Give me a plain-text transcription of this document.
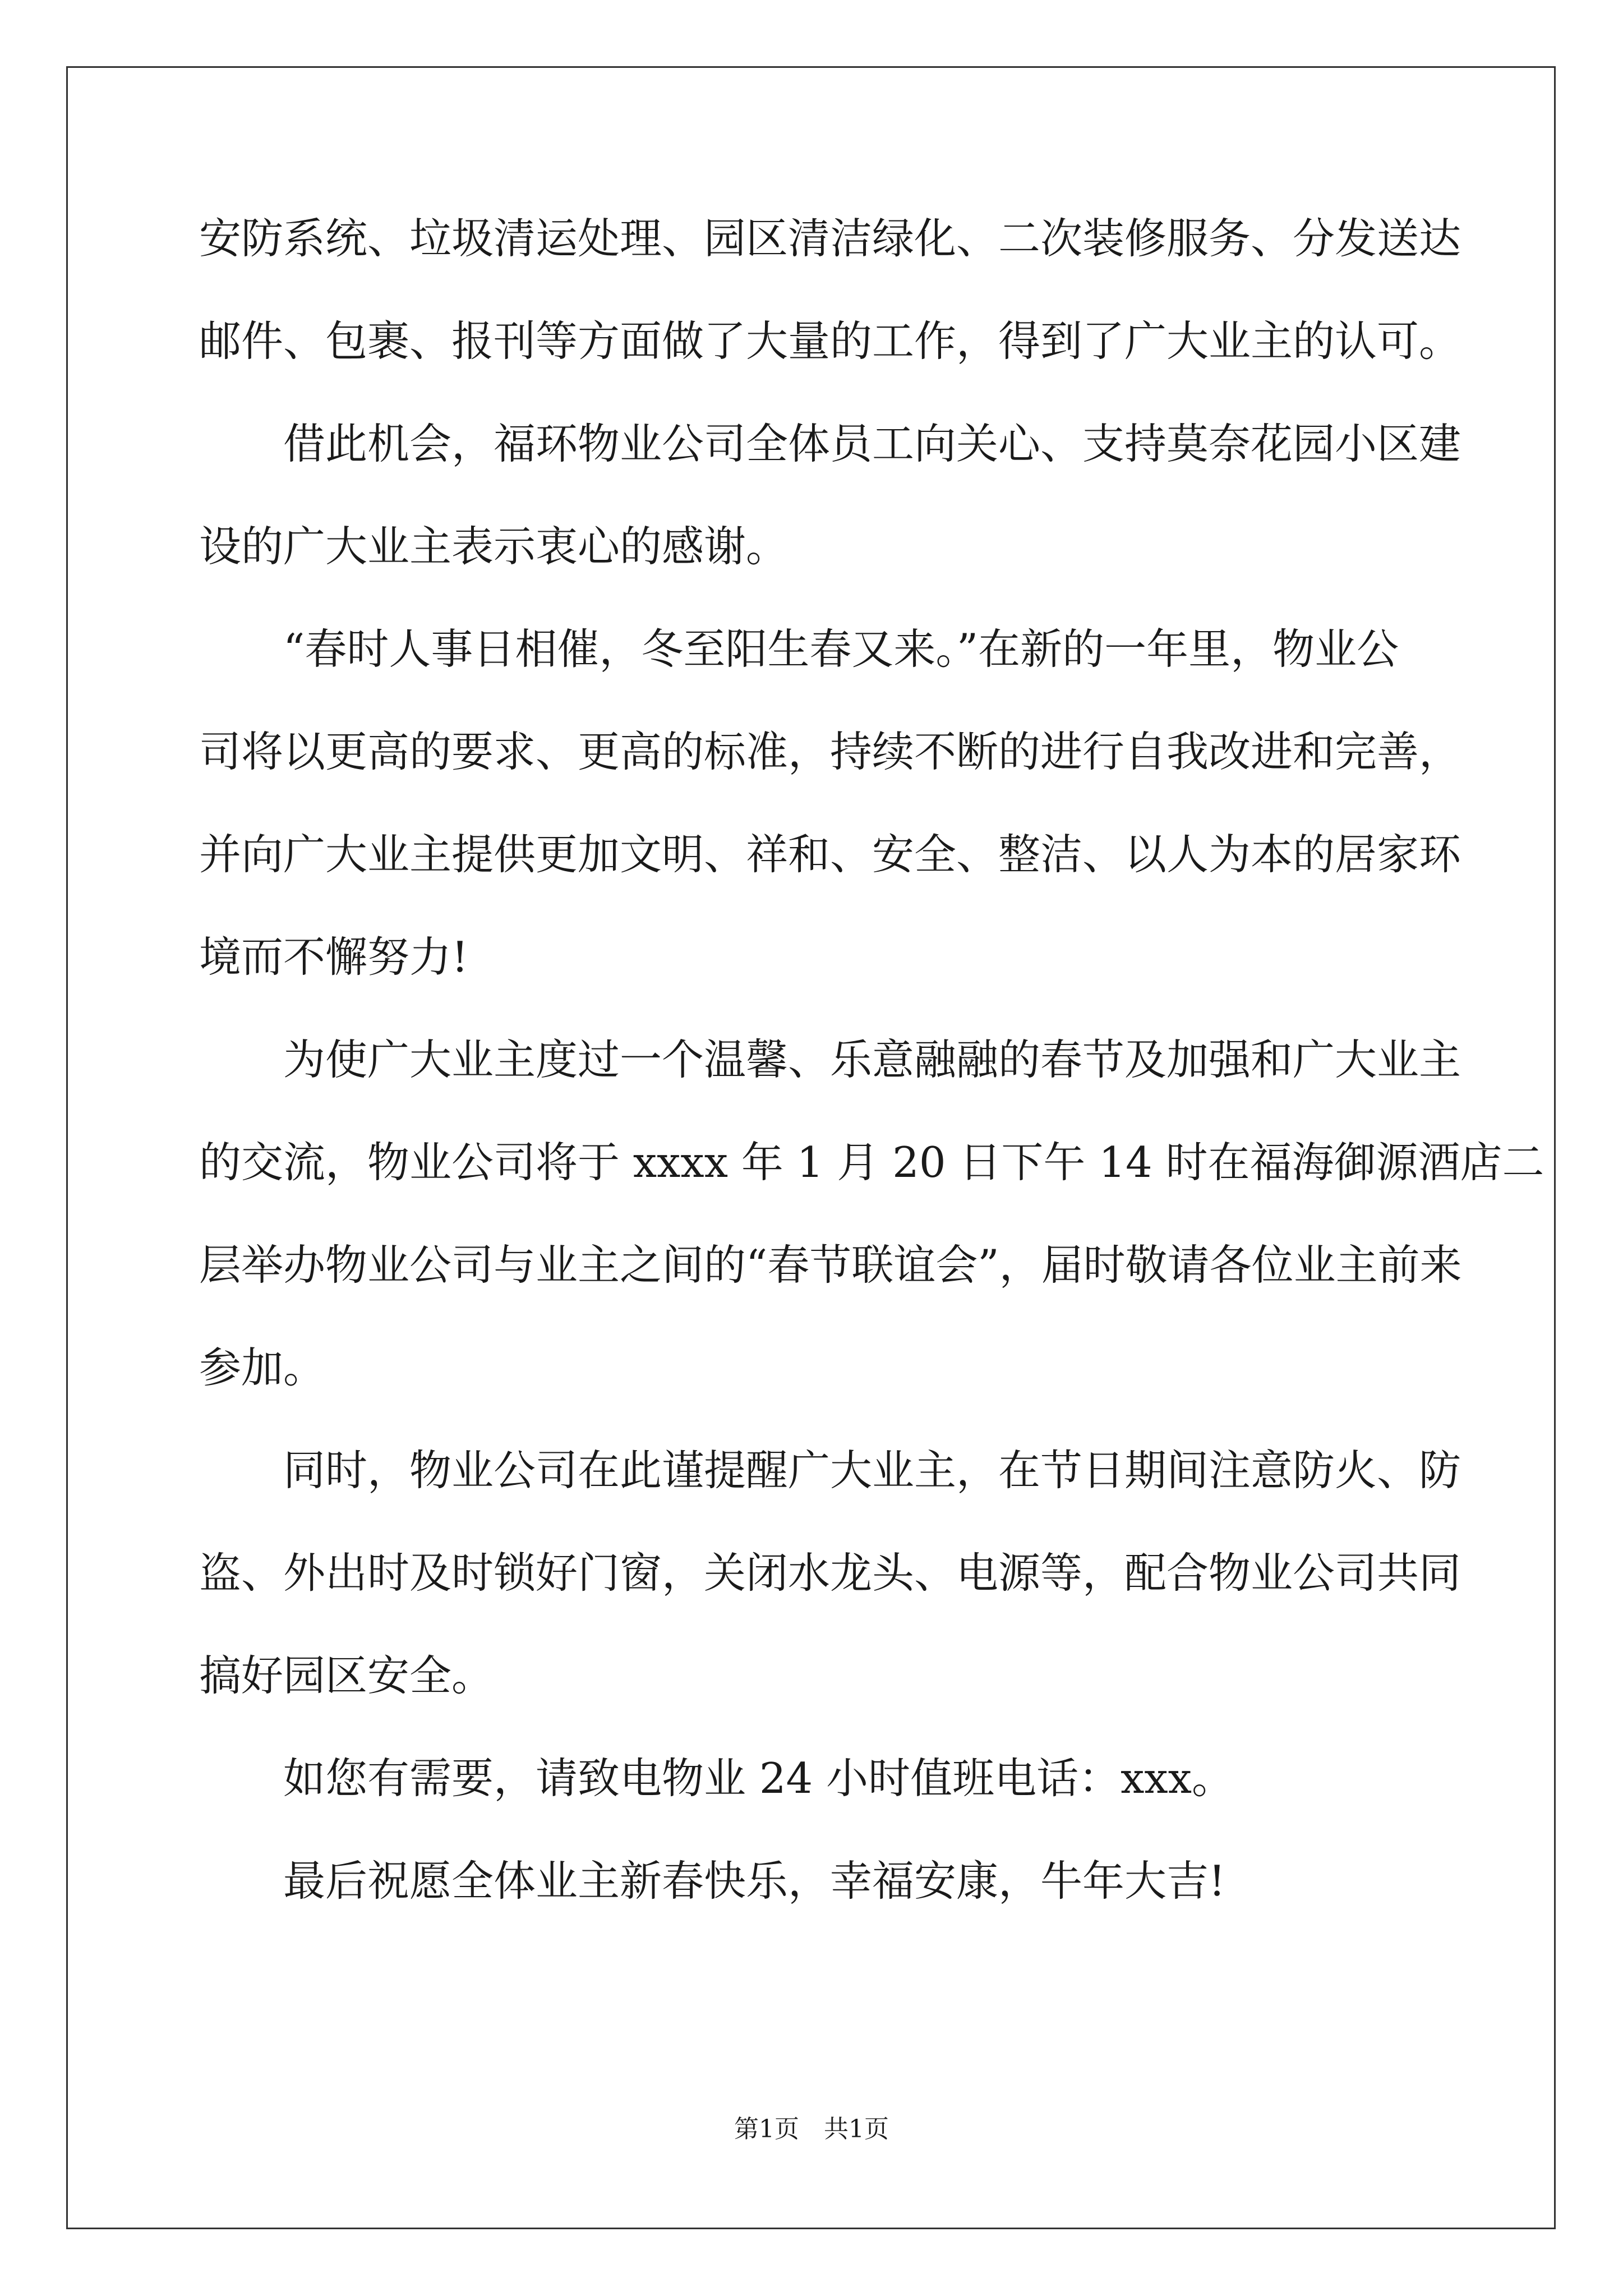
安防系统、垃圾清运处理、园区清洁绿化、二次装修服务、分发送达
邮件、包裹、报刊等方面做了大量的工作，得到了广大业主的认可。
借此机会，福环物业公司全体员工向关心、支持莫奈花园小区建
设的广大业主表示衷心的感谢。
“春时人事日相催，冬至阳生春又来。”在新的一年里，物业公
司将以更高的要求、更高的标准，持续不断的进行自我改进和完善，
并向广大业主提供更加文明、祥和、安全、整洁、以人为本的居家环
境而不懈努力!
为使广大业主度过一个温馨、乐意融融的春节及加强和广大业主
的交流，物业公司将于 xxxx 年 1 月 20 日下午 14 时在福海御源酒店二
层举办物业公司与业主之间的“春节联谊会”，届时敬请各位业主前来
参加。
同时，物业公司在此谨提醒广大业主，在节日期间注意防火、防
盗、外出时及时锁好门窗，关闭水龙头、电源等，配合物业公司共同
搞好园区安全。
如您有需要，请致电物业 24 小时值班电话：xxx。
最后祝愿全体业主新春快乐，幸福安康，牛年大吉!
第1页　共1页
